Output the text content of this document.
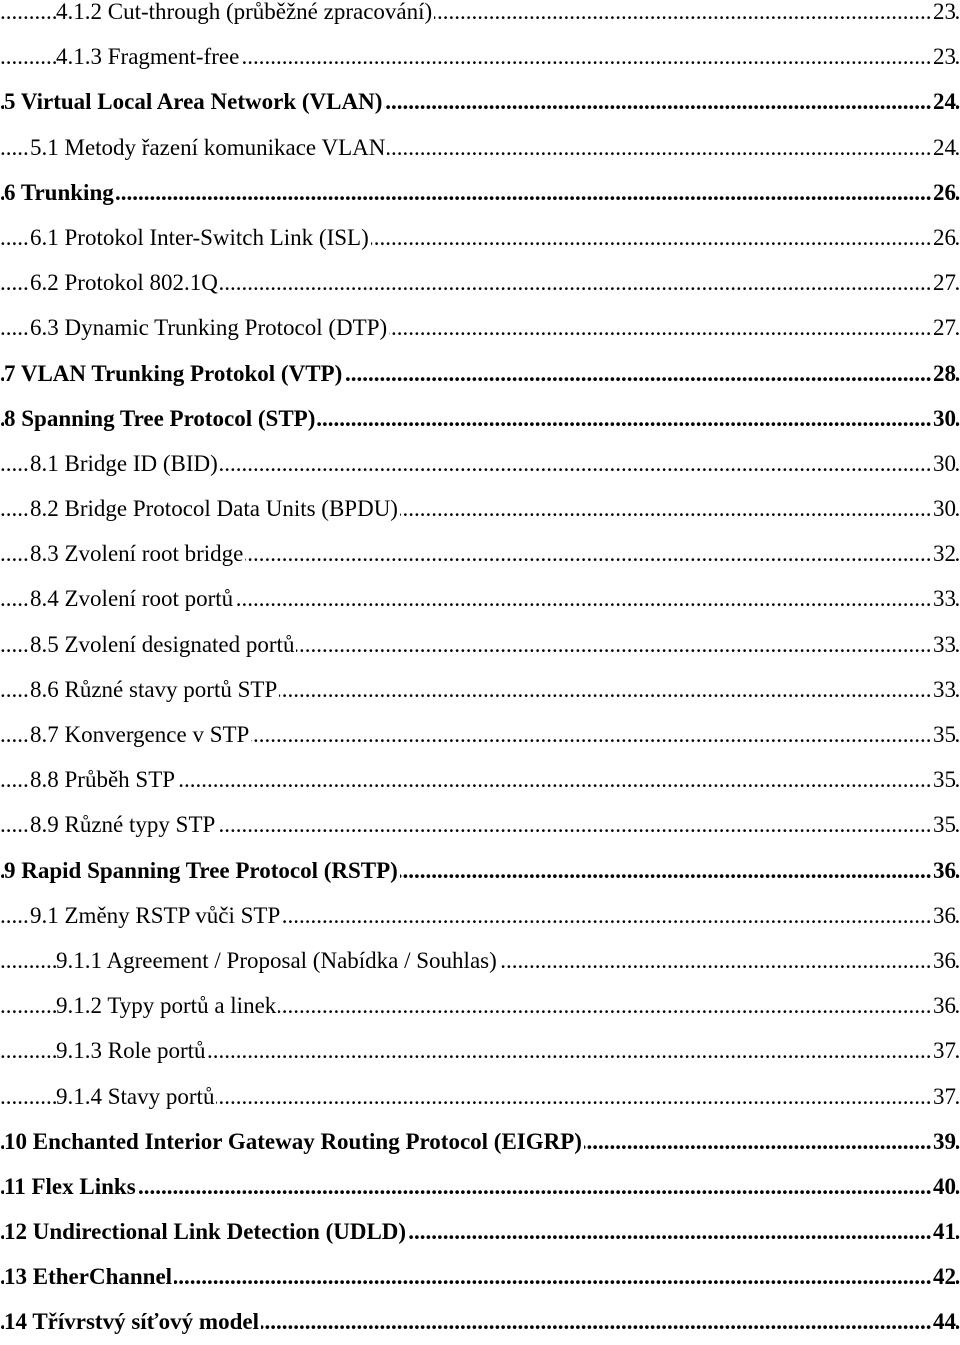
.....
4.1.2 Cut-through (průběžné zpracování)	23
.....
4.1.3 Fragment-free	23
.....
5 Virtual Local Area Network (VLAN)	24
.....
5.1 Metody řazení komunikace VLAN	24
.....
6 Trunking	26
.....
6.1 Protokol Inter-Switch Link (ISL)	26
.....
6.2 Protokol 802.1Q	27
.....
6.3 Dynamic Trunking Protocol (DTP)	27
.....
7 VLAN Trunking Protokol (VTP)	28
.....
8 Spanning Tree Protocol (STP)	30
.....
8.1 Bridge ID (BID)	30
.....
8.2 Bridge Protocol Data Units (BPDU)	30
.....
8.3 Zvolení root bridge	32
.....
8.4 Zvolení root portů	33
.....
8.5 Zvolení designated portů	33
.....
8.6 Různé stavy portů STP	33
.....
8.7 Konvergence v STP	35
.....
8.8 Průběh STP	35
.....
8.9 Různé typy STP	35
.....
9 Rapid Spanning Tree Protocol (RSTP)	36
.....
9.1 Změny RSTP vůči STP	36
.....
9.1.1 Agreement / Proposal (Nabídka / Souhlas)	36
.....
9.1.2 Typy portů a linek	36
.....
9.1.3 Role portů	37
.....
9.1.4 Stavy portů	37
.....
10 Enchanted Interior Gateway Routing Protocol (EIGRP)	39
.....
11 Flex Links	40
.....
12 Undirectional Link Detection (UDLD)	41
.....
13 EtherChannel	42
.....
14 Třívrstvý síťový model	44
